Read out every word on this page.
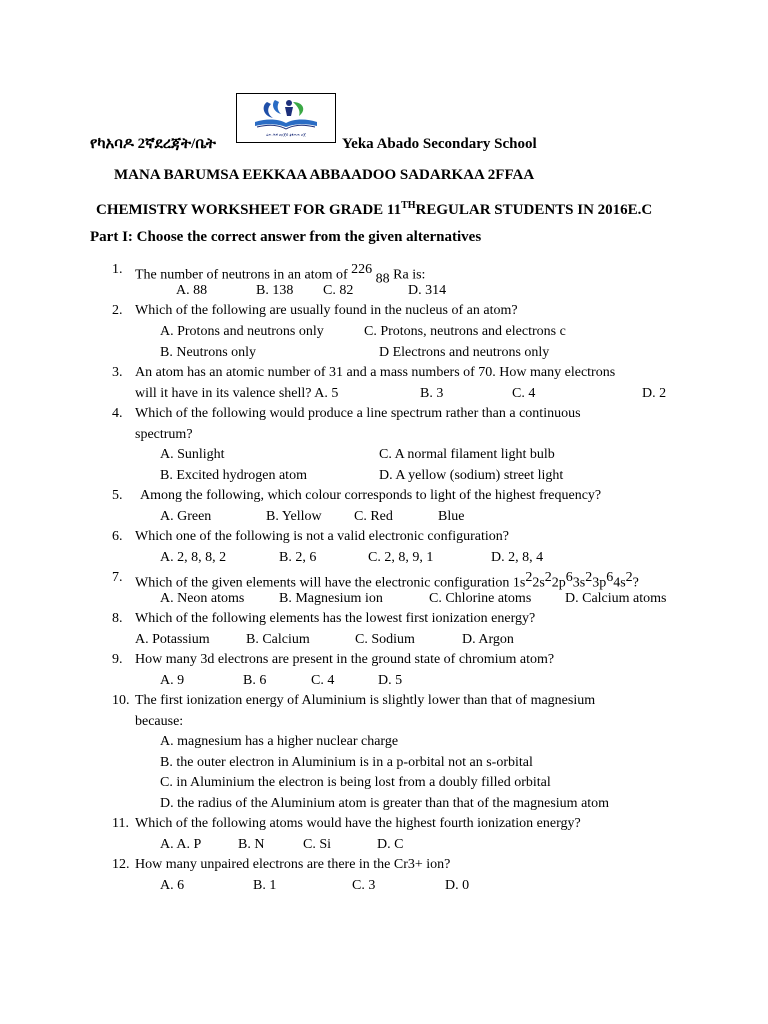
የካአባዶ 2ኛደረጃት/ቤት
ዕሐ ሕፃ ፀዐጀበ ፅፃሐሐ ፀጀ
Yeka Abado Secondary School
MANA BARUMSA EEKKAA ABBAADOO SADARKAA 2FFAA
CHEMISTRY WORKSHEET FOR GRADE 11THREGULAR STUDENTS IN 2016E.C
Part I: Choose the correct answer from the given alternatives
1. The number of neutrons in an atom of 226 88 Ra is:
A. 88	B. 138 C. 82	D. 314
2. Which of the following are usually found in the nucleus of an atom?
A. Protons and neutrons only	C. Protons, neutrons and electrons c
B. Neutrons only	D Electrons and neutrons only
3. An atom has an atomic number of 31 and a mass numbers of 70. How many electrons
will it have in its valence shell? A. 5	B. 3	C. 4	D. 2
4. Which of the following would produce a line spectrum rather than a continuous
spectrum?
A. Sunlight	C. A normal filament light bulb
B. Excited hydrogen atom	D. A yellow (sodium) street light
5. Among the following, which colour corresponds to light of the highest frequency?
A. Green	B. Yellow C. Red	Blue
6. Which one of the following is not a valid electronic configuration?
A. 2, 8, 8, 2	B. 2, 6	C. 2, 8, 9, 1	D. 2, 8, 4
7. Which of the given elements will have the electronic configuration 1s22s22p63s23p64s2?
A. Neon atoms B. Magnesium ion	C. Chlorine atoms D. Calcium atoms
8. Which of the following elements has the lowest first ionization energy?
A. Potassium	B. Calcium	C. Sodium	D. Argon
9. How many 3d electrons are present in the ground state of chromium atom?
A. 9	B. 6	C. 4	D. 5
10. The first ionization energy of Aluminium is slightly lower than that of magnesium
because:
A. magnesium has a higher nuclear charge
B. the outer electron in Aluminium is in a p-orbital not an s-orbital
C. in Aluminium the electron is being lost from a doubly filled orbital
D. the radius of the Aluminium atom is greater than that of the magnesium atom
11. Which of the following atoms would have the highest fourth ionization energy?
A. A. P	B. N	C. Si	D. C
12. How many unpaired electrons are there in the Cr3+ ion?
A. 6	B. 1	C. 3	D. 0
